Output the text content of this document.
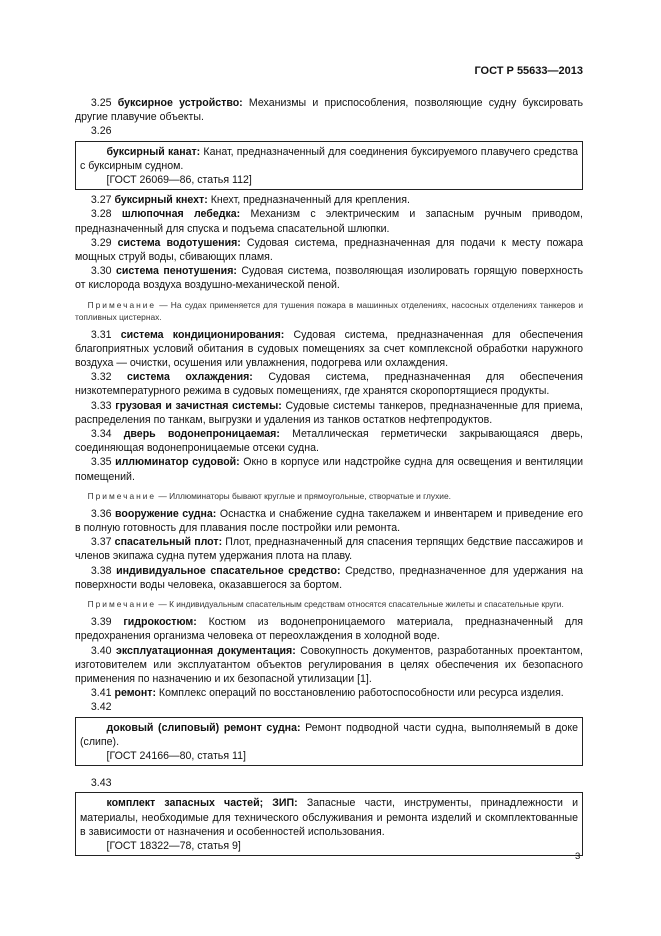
ГОСТ Р 55633—2013

3.25 буксирное устройство: Механизмы и приспособления, позволяющие судну буксировать другие плавучие объекты.

3.26

буксирный канат: Канат, предназначенный для соединения буксируемого плавучего средства с буксирным судном.

[ГОСТ 26069—86, статья 112]

3.27 буксирный кнехт: Кнехт, предназначенный для крепления.

3.28 шлюпочная лебедка: Механизм с электрическим и запасным ручным приводом, предназначенный для спуска и подъема спасательной шлюпки.

3.29 система водотушения: Судовая система, предназначенная для подачи к месту пожара мощных струй воды, сбивающих пламя.

3.30 система пенотушения: Судовая система, позволяющая изолировать горящую поверхность от кислорода воздуха воздушно-механической пеной.

Примечание — На судах применяется для тушения пожара в машинных отделениях, насосных отделениях танкеров и топливных цистернах.

3.31 система кондиционирования: Судовая система, предназначенная для обеспечения благоприятных условий обитания в судовых помещениях за счет комплексной обработки наружного воздуха — очистки, осушения или увлажнения, подогрева или охлаждения.

3.32 система охлаждения: Судовая система, предназначенная для обеспечения низкотемпературного режима в судовых помещениях, где хранятся скоропортящиеся продукты.

3.33 грузовая и зачистная системы: Судовые системы танкеров, предназначенные для приема, распределения по танкам, выгрузки и удаления из танков остатков нефтепродуктов.

3.34 дверь водонепроницаемая: Металлическая герметически закрывающаяся дверь, соединяющая водонепроницаемые отсеки судна.

3.35 иллюминатор судовой: Окно в корпусе или надстройке судна для освещения и вентиляции помещений.

Примечание — Иллюминаторы бывают круглые и прямоугольные, створчатые и глухие.

3.36 вооружение судна: Оснастка и снабжение судна такелажем и инвентарем и приведение его в полную готовность для плавания после постройки или ремонта.

3.37 спасательный плот: Плот, предназначенный для спасения терпящих бедствие пассажиров и членов экипажа судна путем удержания плота на плаву.

3.38 индивидуальное спасательное средство: Средство, предназначенное для удержания на поверхности воды человека, оказавшегося за бортом.

Примечание — К индивидуальным спасательным средствам относятся спасательные жилеты и спасательные круги.

3.39 гидрокостюм: Костюм из водонепроницаемого материала, предназначенный для предохранения организма человека от переохлаждения в холодной воде.

3.40 эксплуатационная документация: Совокупность документов, разработанных проектантом, изготовителем или эксплуатантом объектов регулирования в целях обеспечения их безопасного применения по назначению и их безопасной утилизации [1].

3.41 ремонт: Комплекс операций по восстановлению работоспособности или ресурса изделия.

3.42

доковый (слиповый) ремонт судна: Ремонт подводной части судна, выполняемый в доке (слипе).

[ГОСТ 24166—80, статья 11]

3.43

комплект запасных частей; ЗИП: Запасные части, инструменты, принадлежности и материалы, необходимые для технического обслуживания и ремонта изделий и скомплектованные в зависимости от назначения и особенностей использования.

[ГОСТ 18322—78, статья 9]

3
